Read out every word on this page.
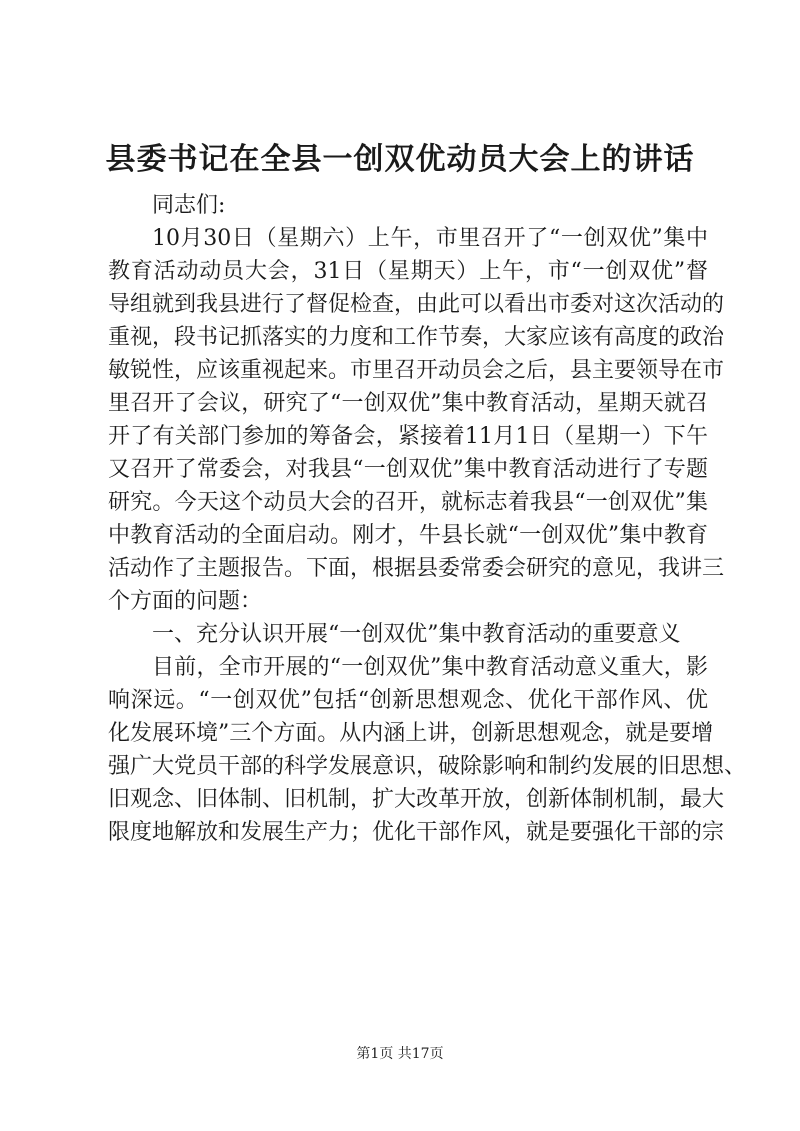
县委书记在全县一创双优动员大会上的讲话
同志们:
10月30日（星期六）上午，市里召开了“一创双优”集中
教育活动动员大会，31日（星期天）上午，市“一创双优”督
导组就到我县进行了督促检查，由此可以看出市委对这次活动的
重视，段书记抓落实的力度和工作节奏，大家应该有高度的政治
敏锐性，应该重视起来。市里召开动员会之后，县主要领导在市
里召开了会议，研究了“一创双优”集中教育活动，星期天就召
开了有关部门参加的筹备会，紧接着11月1日（星期一）下午
又召开了常委会，对我县“一创双优”集中教育活动进行了专题
研究。今天这个动员大会的召开，就标志着我县“一创双优”集
中教育活动的全面启动。刚才，牛县长就“一创双优”集中教育
活动作了主题报告。下面，根据县委常委会研究的意见，我讲三
个方面的问题：
一、充分认识开展“一创双优”集中教育活动的重要意义
目前，全市开展的“一创双优”集中教育活动意义重大，影
响深远。“一创双优”包括“创新思想观念、优化干部作风、优
化发展环境”三个方面。从内涵上讲，创新思想观念，就是要增
强广大党员干部的科学发展意识，破除影响和制约发展的旧思想、
旧观念、旧体制、旧机制，扩大改革开放，创新体制机制，最大
限度地解放和发展生产力；优化干部作风，就是要强化干部的宗
第1页 共17页
